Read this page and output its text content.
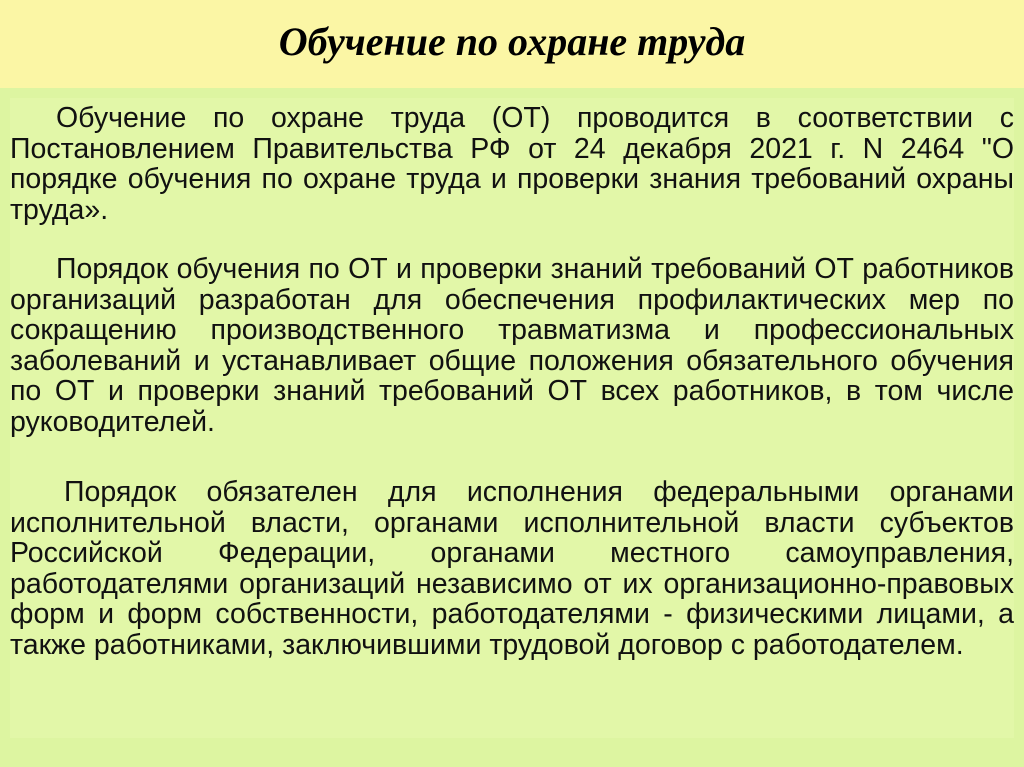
Обучение по охране труда

Обучение по охране труда (ОТ) проводится в соответствии с Постановлением Правительства РФ от 24 декабря 2021 г. N 2464 "О порядке обучения по охране труда и проверки знания требований охраны труда».

Порядок обучения по ОТ и проверки знаний требований ОТ работников организаций разработан для обеспечения профилактических мер по сокращению производственного травматизма и профессиональных заболеваний и устанавливает общие положения обязательного обучения по ОТ и проверки знаний требований ОТ всех работников, в том числе руководителей.

Порядок обязателен для исполнения федеральными органами исполнительной власти, органами исполнительной власти субъектов Российской Федерации, органами местного самоуправления, работодателями организаций независимо от их организационно-правовых форм и форм собственности, работодателями - физическими лицами, а также работниками, заключившими трудовой договор с работодателем.
